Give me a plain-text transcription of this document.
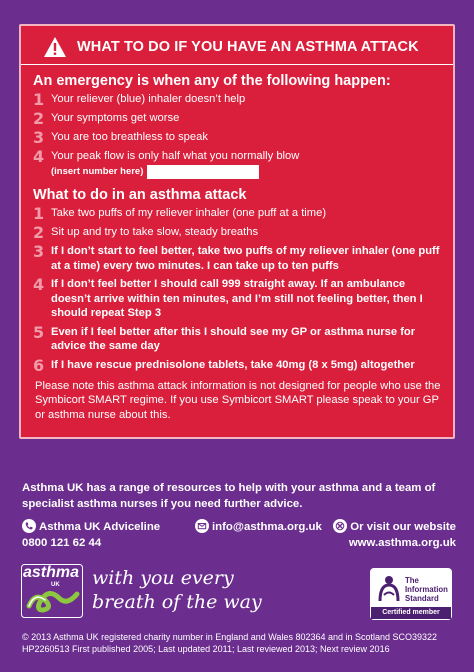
WHAT TO DO IF YOU HAVE AN ASTHMA ATTACK
An emergency is when any of the following happen:
1 Your reliever (blue) inhaler doesn’t help
2 Your symptoms get worse
3 You are too breathless to speak
4 Your peak flow is only half what you normally blow
(insert number here)
What to do in an asthma attack
1 Take two puffs of my reliever inhaler (one puff at a time)
2 Sit up and try to take slow, steady breaths
3 If I don’t start to feel better, take two puffs of my reliever inhaler (one puff at a time) every two minutes. I can take up to ten puffs
4 If I don’t feel better I should call 999 straight away. If an ambulance doesn’t arrive within ten minutes, and I’m still not feeling better, then I should repeat Step 3
5 Even if I feel better after this I should see my GP or asthma nurse for advice the same day
6 If I have rescue prednisolone tablets, take 40mg (8 x 5mg) altogether

Please note this asthma attack information is not designed for people who use the Symbicort SMART regime. If you use Symbicort SMART please speak to your GP or asthma nurse about this.

Asthma UK has a range of resources to help with your asthma and a team of specialist asthma nurses if you need further advice.
Asthma UK Adviceline
0800 121 62 44
info@asthma.org.uk	Or visit our website
www.asthma.org.uk
asthma
UK with you every breath of the way
The
Information
Standard
Certified member
© 2013 Asthma UK registered charity number in England and Wales 802364 and in Scotland SCO39322
HP2260513 First published 2005; Last updated 2011; Last reviewed 2013; Next review 2016
